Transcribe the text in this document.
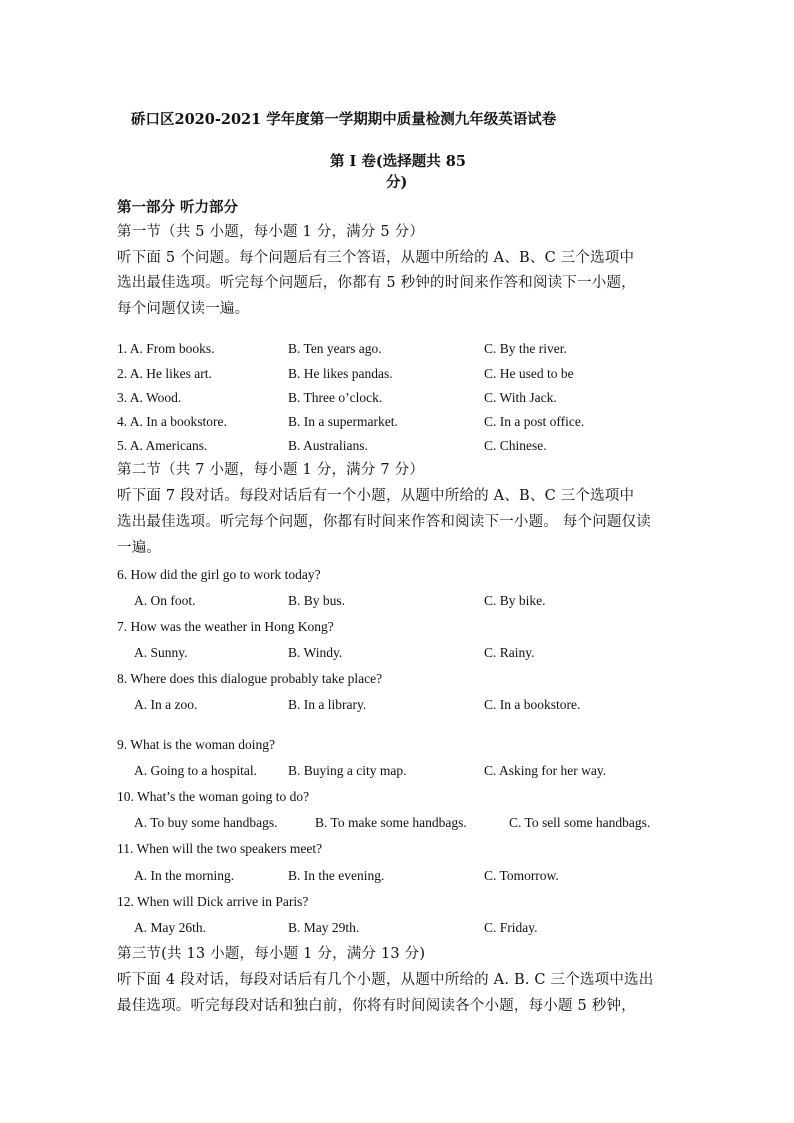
硚口区2020-2021 学年度第一学期期中质量检测九年级英语试卷
第 I 卷(选择题共 85
分)
第一部分 听力部分
第一节（共 5 小题，每小题 1 分，满分 5 分）
听下面 5 个问题。每个问题后有三个答语，从题中所给的 A、B、C 三个选项中
选出最佳选项。听完每个问题后，你都有 5 秒钟的时间来作答和阅读下一小题，
每个问题仅读一遍。
1. A. From books.	B. Ten years ago.	C. By the river.
2. A. He likes art.	B. He likes pandas.	C. He used to be
3. A. Wood.	B. Three o’clock.	C. With Jack.
4. A. In a bookstore.	B. In a supermarket.	C. In a post office.
5. A. Americans.	B. Australians.	C. Chinese.
第二节（共 7 小题，每小题 1 分，满分 7 分）
听下面 7 段对话。每段对话后有一个小题，从题中所给的 A、B、C 三个选项中
选出最佳选项。听完每个问题，你都有时间来作答和阅读下一小题。 每个问题仅读
一遍。
6. How did the girl go to work today?
A. On foot.	B. By bus.	C. By bike.
7. How was the weather in Hong Kong?
A. Sunny.	B. Windy.	C. Rainy.
8. Where does this dialogue probably take place?
A. In a zoo.	B. In a library.	C. In a bookstore.
9. What is the woman doing?
A. Going to a hospital. B. Buying a city map.	C. Asking for her way.
10. What’s the woman going to do?
A. To buy some handbags.	B. To make some handbags.	C. To sell some handbags.
11. When will the two speakers meet?
A. In the morning.	B. In the evening.	C. Tomorrow.
12. When will Dick arrive in Paris?
A. May 26th.	B. May 29th.	C. Friday.
第三节(共 13 小题，每小题 1 分，满分 13 分)
听下面 4 段对话，每段对话后有几个小题，从题中所给的 A. B. C 三个选项中选出
最佳选项。听完每段对话和独白前，你将有时间阅读各个小题，每小题 5 秒钟，
